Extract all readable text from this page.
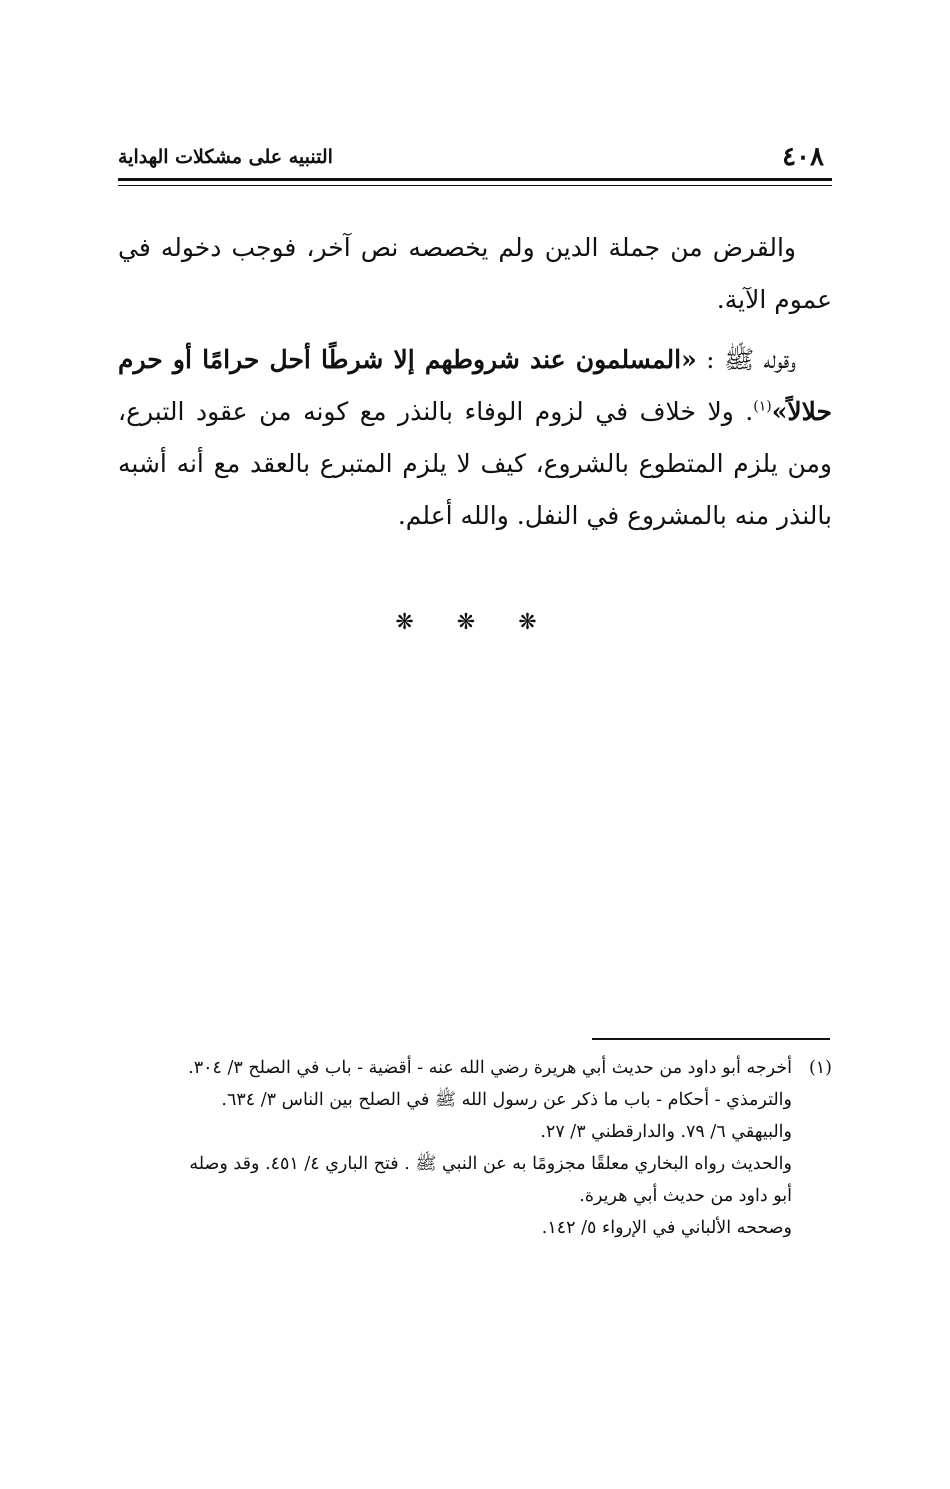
٤٠٨
التنبيه على مشكلات الهداية

والقرض من جملة الدين ولم يخصصه نص آخر، فوجب دخوله في عموم الآية.

وقوله ﷺ : «المسلمون عند شروطهم إلا شرطًا أحل حرامًا أو حرم حلالاً»$^{(١)}$. ولا خلاف في لزوم الوفاء بالنذر مع كونه من عقود التبرع، ومن يلزم المتطوع بالشروع، كيف لا يلزم المتبرع بالعقد مع أنه أشبه بالنذر منه بالمشروع في النفل. والله أعلم.

❋ ❋ ❋
(١)
أخرجه أبو داود من حديث أبي هريرة رضي الله عنه - أقضية - باب في الصلح ٣/ ٣٠٤.
والترمذي - أحكام - باب ما ذكر عن رسول الله ﷺ في الصلح بين الناس ٣/ ٦٣٤.
والبيهقي ٦/ ٧٩. والدارقطني ٣/ ٢٧.
والحديث رواه البخاري معلقًا مجزومًا به عن النبي ﷺ . فتح الباري ٤/ ٤٥١. وقد وصله
أبو داود من حديث أبي هريرة.
وصححه الألباني في الإرواء ٥/ ١٤٢.
